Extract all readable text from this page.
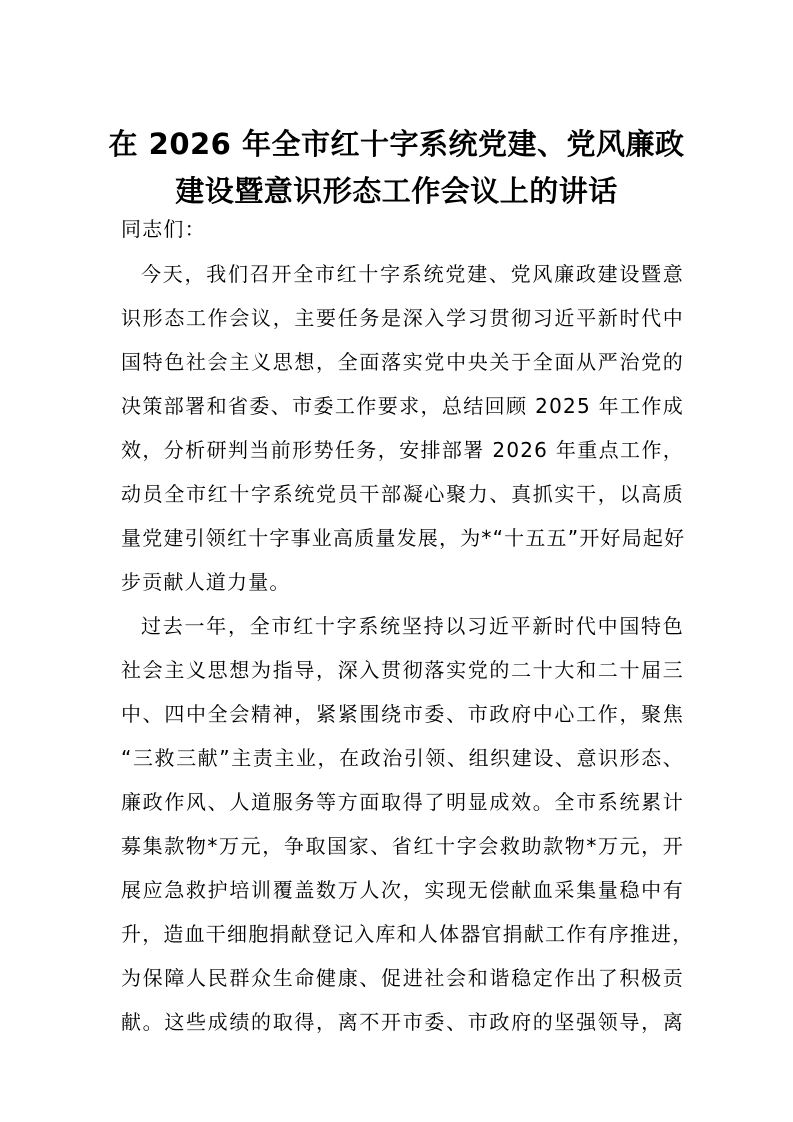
在 2026 年全市红十字系统党建、党风廉政
建设暨意识形态工作会议上的讲话
同志们：
今天，我们召开全市红十字系统党建、党风廉政建设暨意
识形态工作会议，主要任务是深入学习贯彻习近平新时代中
国特色社会主义思想，全面落实党中央关于全面从严治党的
决策部署和省委、市委工作要求，总结回顾 2025 年工作成
效，分析研判当前形势任务，安排部署 2026 年重点工作，
动员全市红十字系统党员干部凝心聚力、真抓实干，以高质
量党建引领红十字事业高质量发展，为*“十五五”开好局起好
步贡献人道力量。
过去一年，全市红十字系统坚持以习近平新时代中国特色
社会主义思想为指导，深入贯彻落实党的二十大和二十届三
中、四中全会精神，紧紧围绕市委、市政府中心工作，聚焦
“三救三献”主责主业，在政治引领、组织建设、意识形态、
廉政作风、人道服务等方面取得了明显成效。全市系统累计
募集款物*万元，争取国家、省红十字会救助款物*万元，开
展应急救护培训覆盖数万人次，实现无偿献血采集量稳中有
升，造血干细胞捐献登记入库和人体器官捐献工作有序推进，
为保障人民群众生命健康、促进社会和谐稳定作出了积极贡
献。这些成绩的取得，离不开市委、市政府的坚强领导，离
